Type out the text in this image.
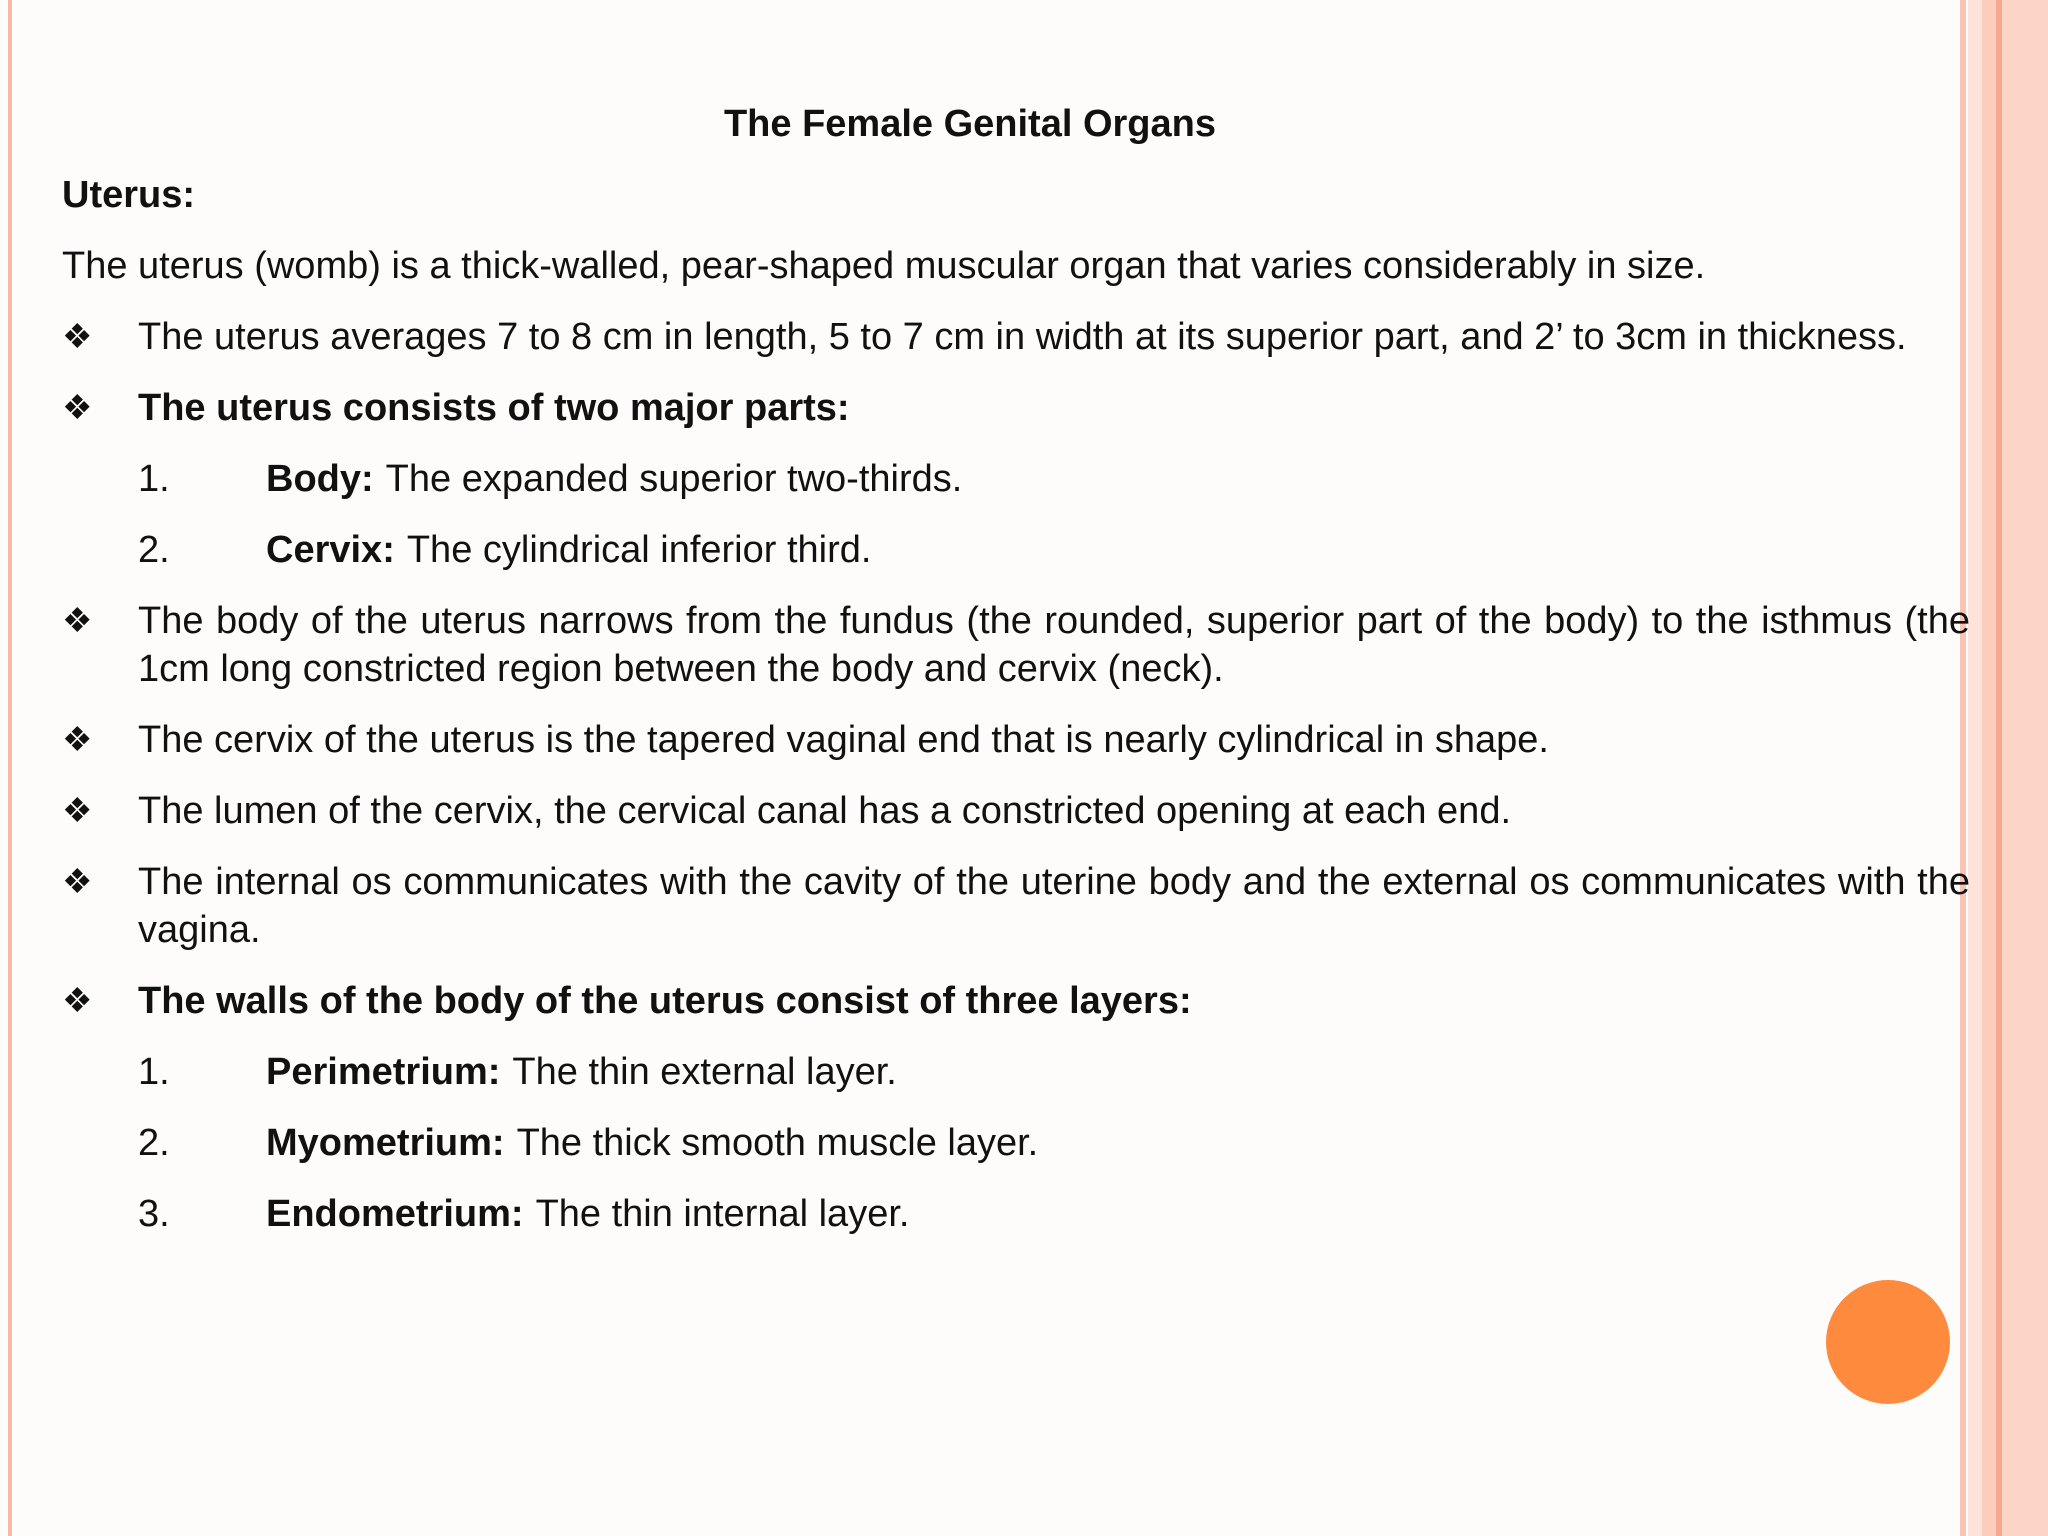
The Female Genital Organs
Uterus:
The uterus (womb) is a thick-walled, pear-shaped muscular organ that varies considerably in size.
❖	The uterus averages 7 to 8 cm in length, 5 to 7 cm in width at its superior part, and 2’ to 3cm in thickness.
❖	The uterus consists of two major parts:
1.	Body: The expanded superior two-thirds.
2.	Cervix: The cylindrical inferior third.
❖	The body of the uterus narrows from the fundus (the rounded, superior part of the body) to the isthmus (the 1cm long constricted region between the body and cervix (neck).
❖	The cervix of the uterus is the tapered vaginal end that is nearly cylindrical in shape.
❖	The lumen of the cervix, the cervical canal has a constricted opening at each end.
❖	The internal os communicates with the cavity of the uterine body and the external os communicates with the vagina.
❖	The walls of the body of the uterus consist of three layers:
1.	Perimetrium: The thin external layer.
2.	Myometrium: The thick smooth muscle layer.
3.	Endometrium: The thin internal layer.
